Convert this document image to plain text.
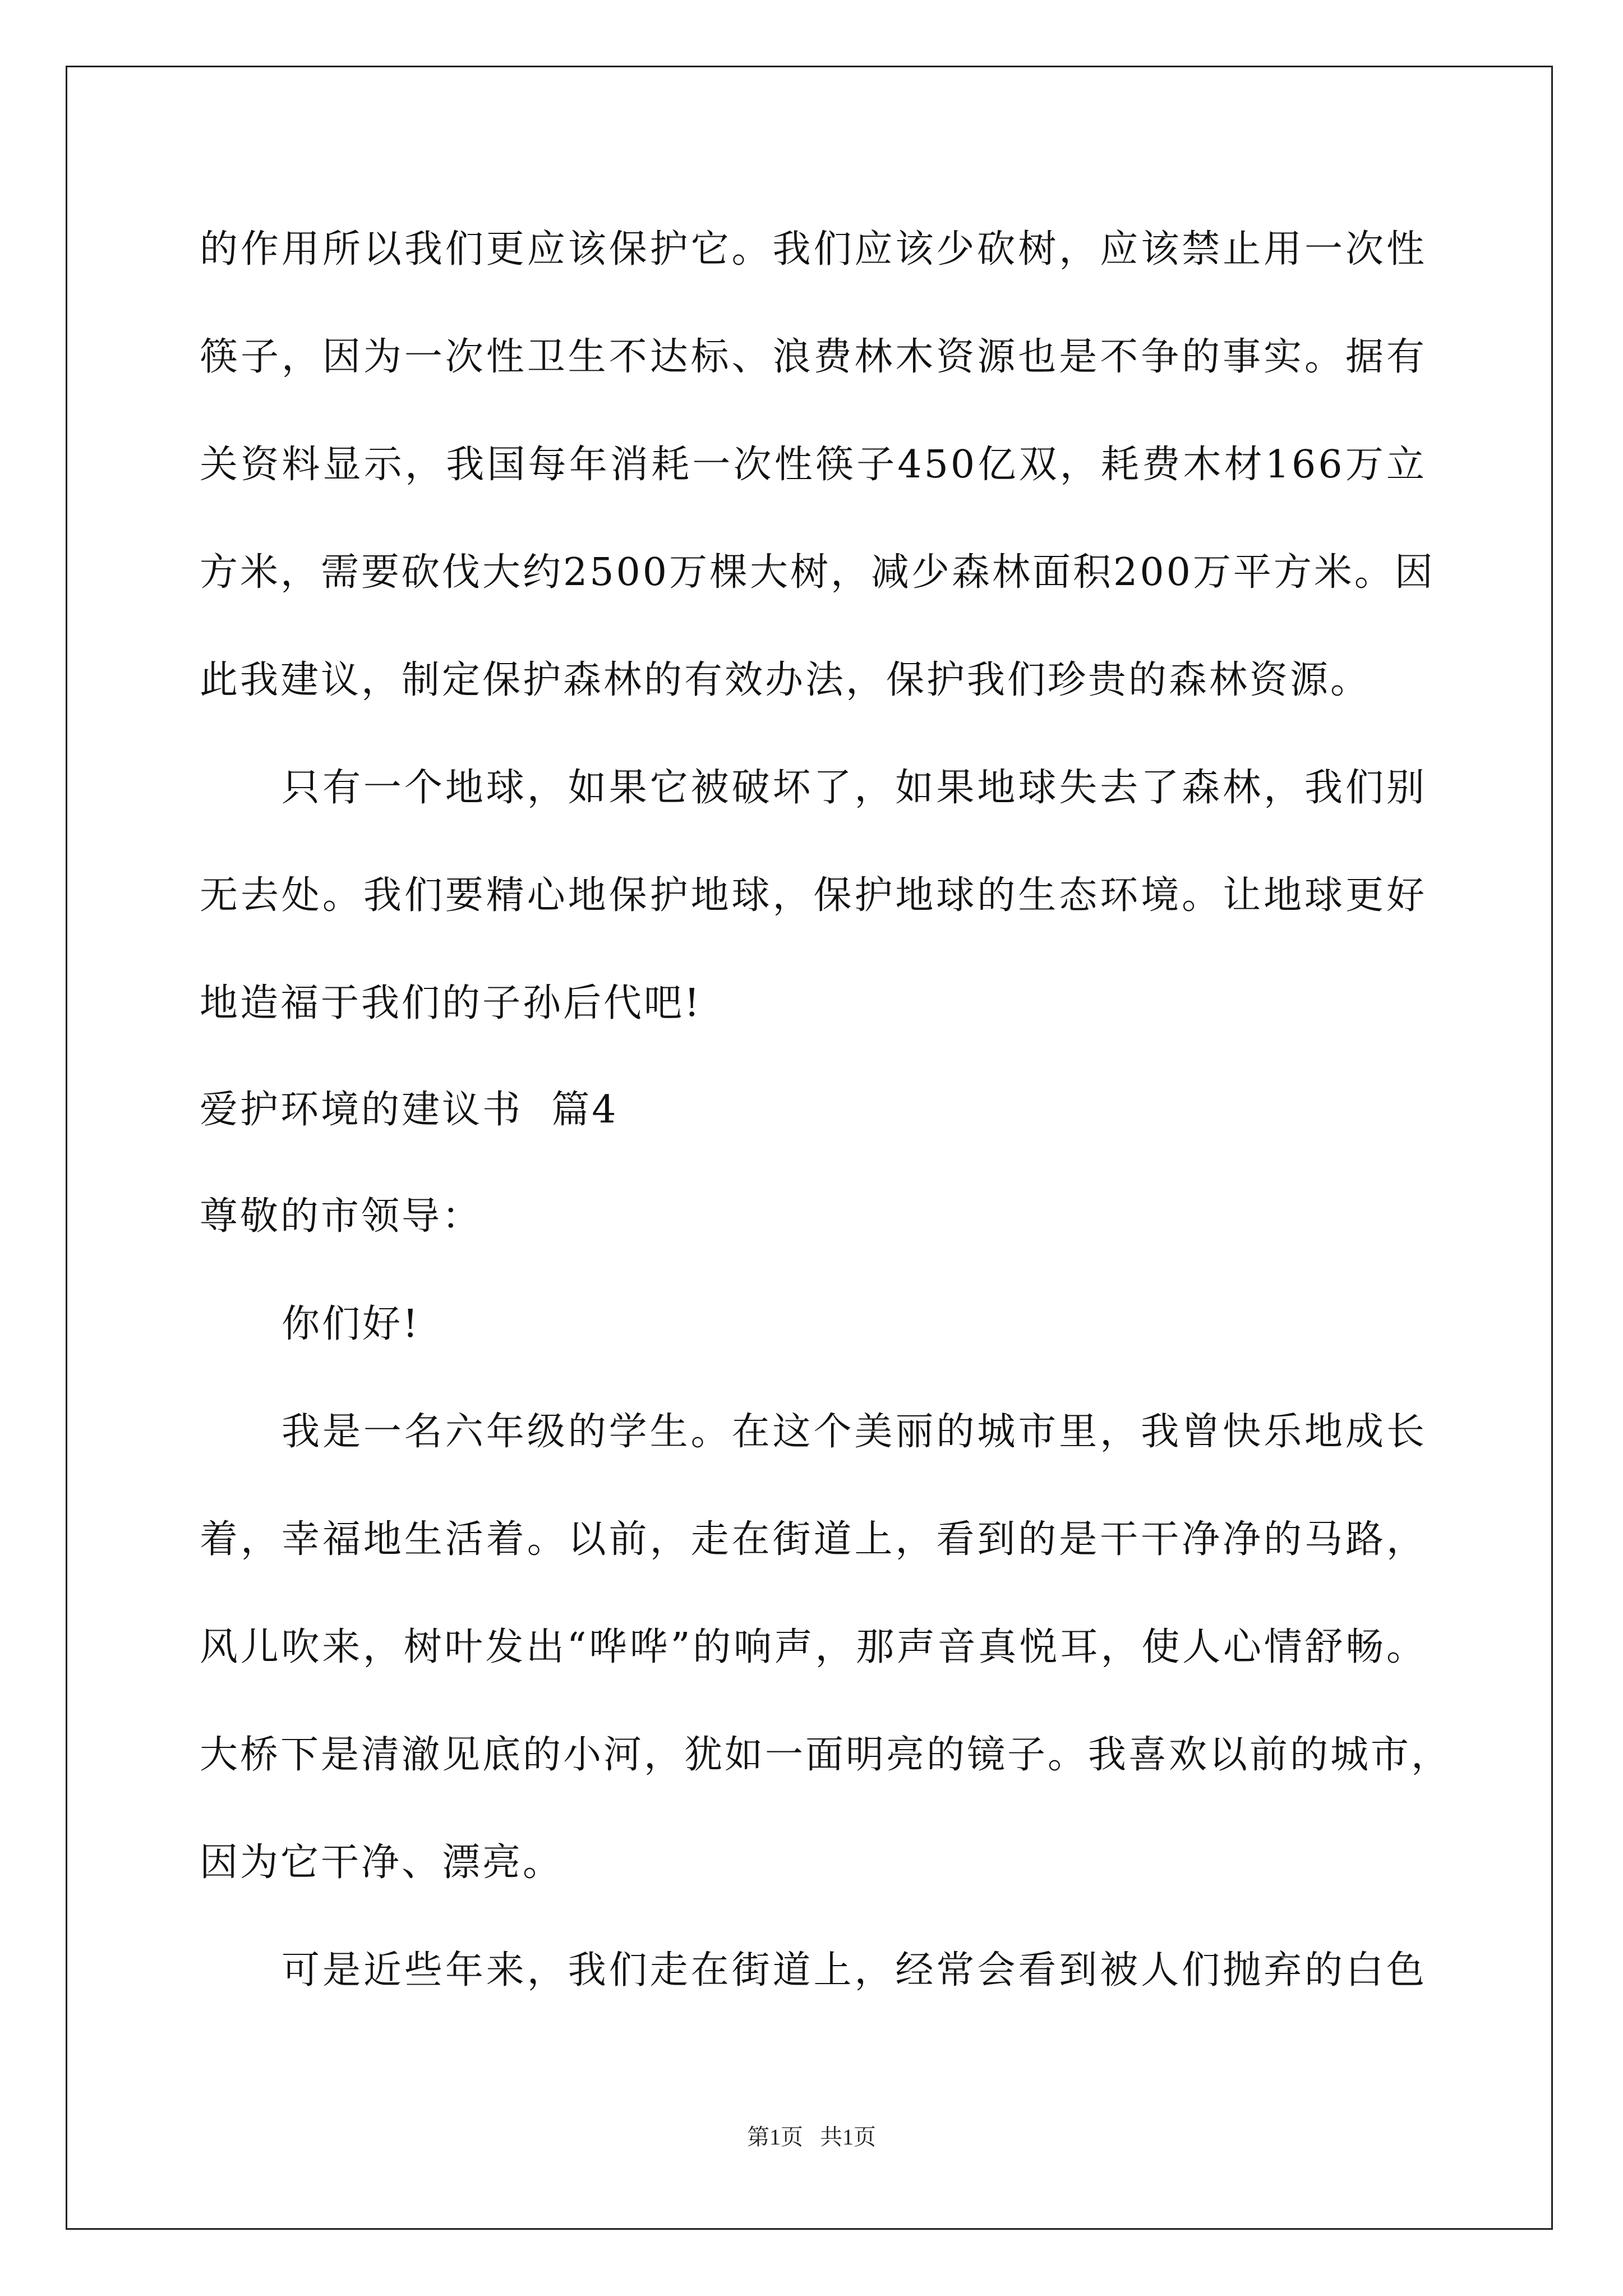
的作用所以我们更应该保护它。我们应该少砍树，应该禁止用一次性
筷子，因为一次性卫生不达标、浪费林木资源也是不争的事实。据有
关资料显示，我国每年消耗一次性筷子450亿双，耗费木材166万立
方米，需要砍伐大约2500万棵大树，减少森林面积200万平方米。因
此我建议，制定保护森林的有效办法，保护我们珍贵的森林资源。
只有一个地球，如果它被破坏了，如果地球失去了森林，我们别
无去处。我们要精心地保护地球，保护地球的生态环境。让地球更好
地造福于我们的子孙后代吧!
爱护环境的建议书  篇4
尊敬的市领导：
你们好!
我是一名六年级的学生。在这个美丽的城市里，我曾快乐地成长
着，幸福地生活着。以前，走在街道上，看到的是干干净净的马路，
风儿吹来，树叶发出“哗哗”的响声，那声音真悦耳，使人心情舒畅。
大桥下是清澈见底的小河，犹如一面明亮的镜子。我喜欢以前的城市，
因为它干净、漂亮。
可是近些年来，我们走在街道上，经常会看到被人们抛弃的白色
第1页   共1页
